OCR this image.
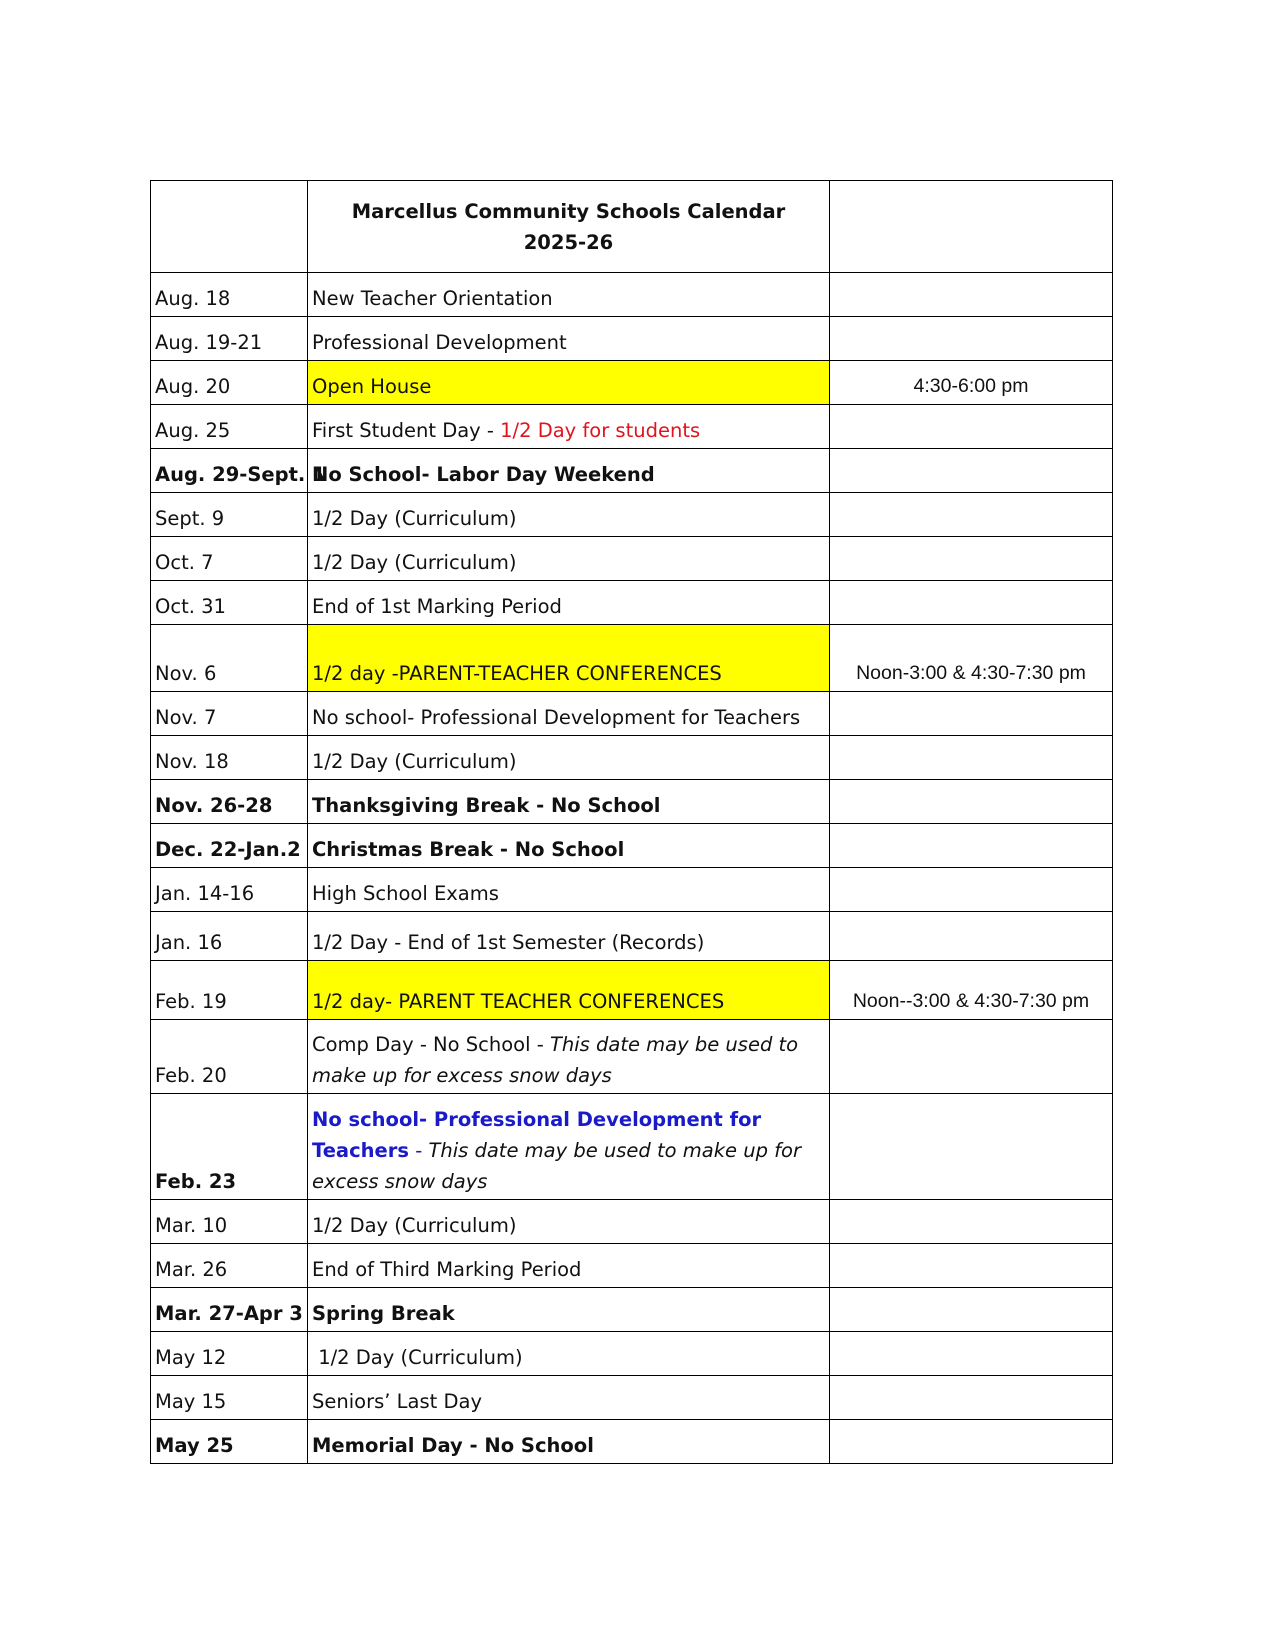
	Marcellus Community Schools Calendar
2025-26	
Aug. 18	New Teacher Orientation	
Aug. 19-21	Professional Development	
Aug. 20	Open House	4:30-6:00 pm
Aug. 25	First Student Day - 1/2 Day for students	
Aug. 29-Sept. 1	No School- Labor Day Weekend	
Sept. 9	1/2 Day (Curriculum)	
Oct. 7	1/2 Day (Curriculum)	
Oct. 31	End of 1st Marking Period	
Nov. 6	1/2 day -PARENT-TEACHER CONFERENCES	Noon-3:00 & 4:30-7:30 pm
Nov. 7	No school- Professional Development for Teachers	
Nov. 18	1/2 Day (Curriculum)	
Nov. 26-28	Thanksgiving Break - No School	
Dec. 22-Jan.2	Christmas Break - No School	
Jan. 14-16	High School Exams	
Jan. 16	1/2 Day - End of 1st Semester (Records)	
Feb. 19	1/2 day- PARENT TEACHER CONFERENCES	Noon--3:00 & 4:30-7:30 pm
Feb. 20	Comp Day - No School - This date may be used to make up for excess snow days	
Feb. 23	No school- Professional Development for Teachers - This date may be used to make up for excess snow days	
Mar. 10	1/2 Day (Curriculum)	
Mar. 26	End of Third Marking Period	
Mar. 27-Apr 3	Spring Break	
May 12	1/2 Day (Curriculum)	
May 15	Seniors’ Last Day	
May 25	Memorial Day - No School	
